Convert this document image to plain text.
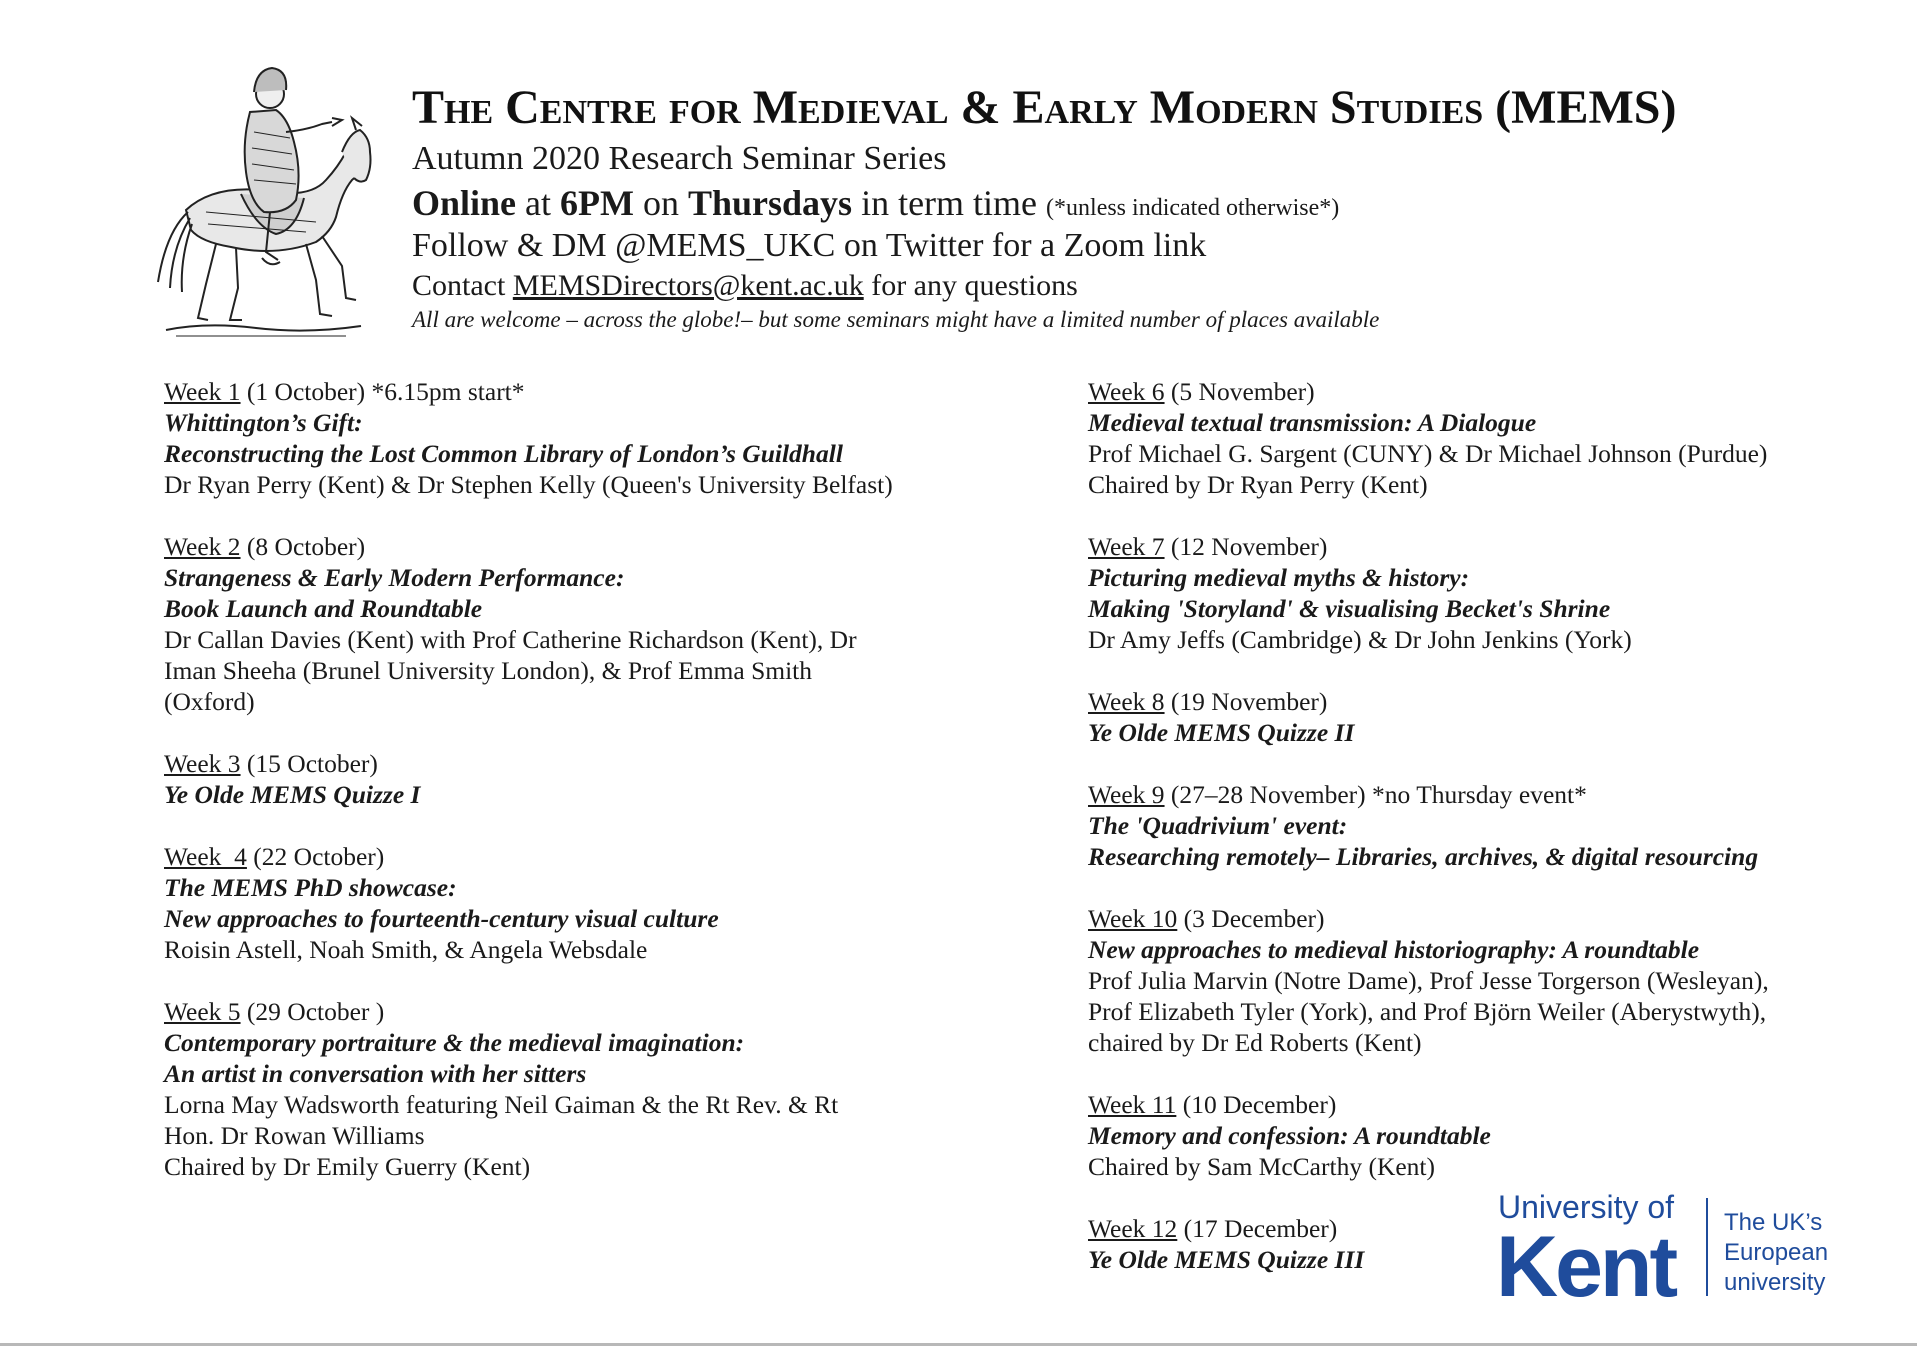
The Centre for Medieval & Early Modern Studies (MEMS)
Autumn 2020 Research Seminar Series
Online at 6PM on Thursdays in term time (*unless indicated otherwise*)
Follow & DM @MEMS_UKC on Twitter for a Zoom link
Contact MEMSDirectors@kent.ac.uk for any questions
All are welcome – across the globe!– but some seminars might have a limited number of places available
Week 1 (1 October) *6.15pm start*
Whittington’s Gift:
Reconstructing the Lost Common Library of London’s Guildhall
Dr Ryan Perry (Kent) & Dr Stephen Kelly (Queen's University Belfast)
Week 2 (8 October)
Strangeness & Early Modern Performance:
Book Launch and Roundtable
Dr Callan Davies (Kent) with Prof Catherine Richardson (Kent), Dr
Iman Sheeha (Brunel University London), & Prof Emma Smith
(Oxford)
Week 3 (15 October)
Ye Olde MEMS Quizze I
Week  4 (22 October)
The MEMS PhD showcase:
New approaches to fourteenth-century visual culture
Roisin Astell, Noah Smith, & Angela Websdale
Week 5 (29 October )
Contemporary portraiture & the medieval imagination:
An artist in conversation with her sitters
Lorna May Wadsworth featuring Neil Gaiman & the Rt Rev. & Rt
Hon. Dr Rowan Williams
Chaired by Dr Emily Guerry (Kent)
Week 6 (5 November)
Medieval textual transmission: A Dialogue
Prof Michael G. Sargent (CUNY) & Dr Michael Johnson (Purdue)
Chaired by Dr Ryan Perry (Kent)
Week 7 (12 November)
Picturing medieval myths & history:
Making 'Storyland' & visualising Becket's Shrine
Dr Amy Jeffs (Cambridge) & Dr John Jenkins (York)
Week 8 (19 November)
Ye Olde MEMS Quizze II
Week 9 (27–28 November) *no Thursday event*
The 'Quadrivium' event:
Researching remotely– Libraries, archives, & digital resourcing
Week 10 (3 December)
New approaches to medieval historiography: A roundtable
Prof Julia Marvin (Notre Dame), Prof Jesse Torgerson (Wesleyan),
Prof Elizabeth Tyler (York), and Prof Björn Weiler (Aberystwyth),
chaired by Dr Ed Roberts (Kent)
Week 11 (10 December)
Memory and confession: A roundtable
Chaired by Sam McCarthy (Kent)
Week 12 (17 December)
Ye Olde MEMS Quizze III
University of
Kent The UK’s
European
university
